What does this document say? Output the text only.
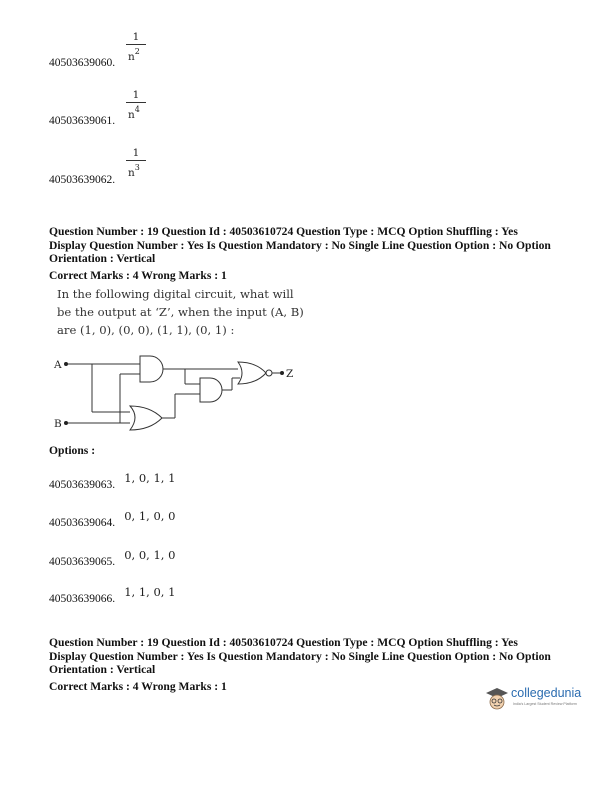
40503639060.
1
$n^2$
40503639061.
1
$n^4$
40503639062.
1
$n^3$
Question Number : 19 Question Id : 40503610724 Question Type : MCQ Option Shuffling : Yes
Display Question Number : Yes Is Question Mandatory : No Single Line Question Option : No Option
Orientation : Vertical
Correct Marks : 4 Wrong Marks : 1
In the following digital circuit, what will
be the output at ‘Z’, when the input (A, B)
are (1, 0), (0, 0), (1, 1), (0, 1) :
A
B
Z
Options :
$_{40503639063.}$ 1, 0, 1, 1
$_{40503639064.}$ 0, 1, 0, 0
$_{40503639065.}$ 0, 0, 1, 0
$_{40503639066.}$ 1, 1, 0, 1
Question Number : 19 Question Id : 40503610724 Question Type : MCQ Option Shuffling : Yes
Display Question Number : Yes Is Question Mandatory : No Single Line Question Option : No Option
Orientation : Vertical
Correct Marks : 4 Wrong Marks : 1	collegedunia
India's Largest Student Review Platform
